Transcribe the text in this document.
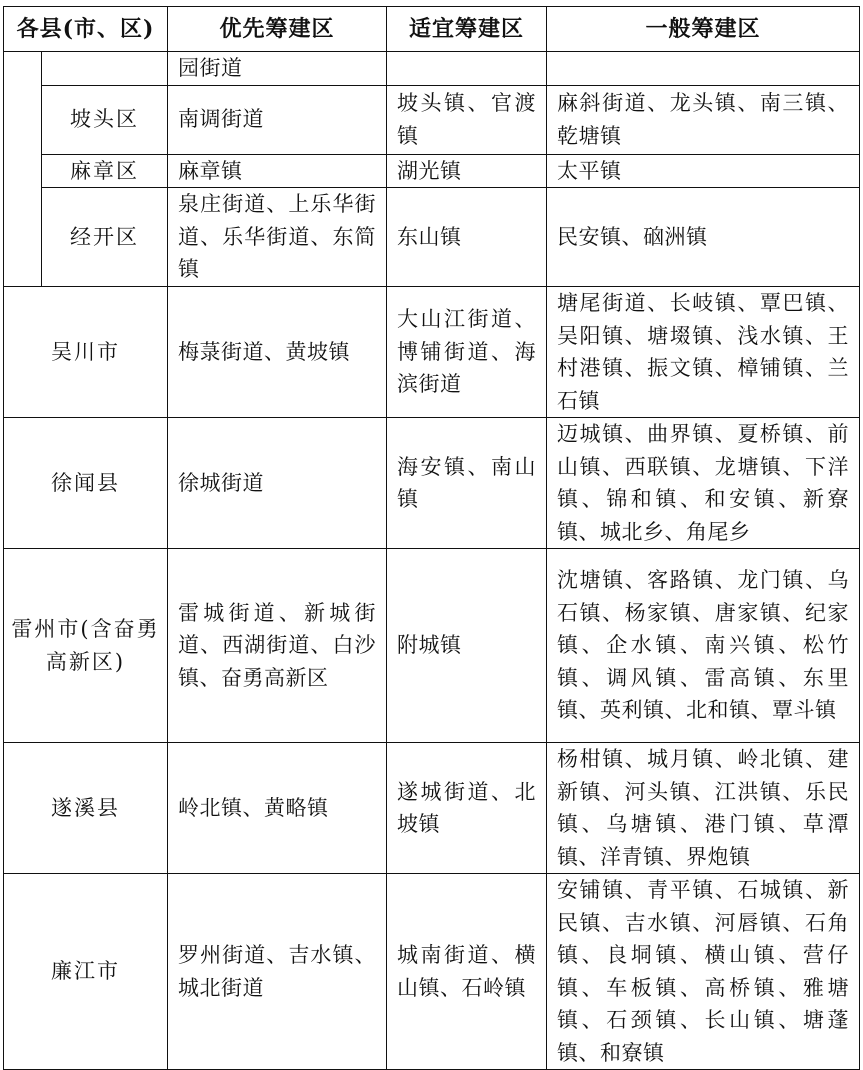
各县(市、区)		优先筹建区	适宜筹建区	一般筹建区
		园街道		
	坡头区	南调街道	坡头镇、官渡镇	麻斜街道、龙头镇、南三镇、乾塘镇
	麻章区	麻章镇	湖光镇	太平镇
	经开区	泉庄街道、上乐华街道、乐华街道、东简镇	东山镇	民安镇、硇洲镇
吴川市		梅菉街道、黄坡镇	大山江街道、博铺街道、海滨街道	塘尾街道、长岐镇、覃巴镇、吴阳镇、塘㙍镇、浅水镇、王村港镇、振文镇、樟铺镇、兰石镇
徐闻县		徐城街道	海安镇、南山镇	迈城镇、曲界镇、夏桥镇、前山镇、西联镇、龙塘镇、下洋镇、锦和镇、和安镇、新寮镇、城北乡、角尾乡
雷州市(含奋勇高新区)		雷城街道、新城街道、西湖街道、白沙镇、奋勇高新区	附城镇	沈塘镇、客路镇、龙门镇、乌石镇、杨家镇、唐家镇、纪家镇、企水镇、南兴镇、松竹镇、调风镇、雷高镇、东里镇、英利镇、北和镇、覃斗镇
遂溪县		岭北镇、黄略镇	遂城街道、北坡镇	杨柑镇、城月镇、岭北镇、建新镇、河头镇、江洪镇、乐民镇、乌塘镇、港门镇、草潭镇、洋青镇、界炮镇
廉江市		罗州街道、吉水镇、城北街道	城南街道、横山镇、石岭镇	安铺镇、青平镇、石城镇、新民镇、吉水镇、河唇镇、石角镇、良垌镇、横山镇、营仔镇、车板镇、高桥镇、雅塘镇、石颈镇、长山镇、塘蓬镇、和寮镇
